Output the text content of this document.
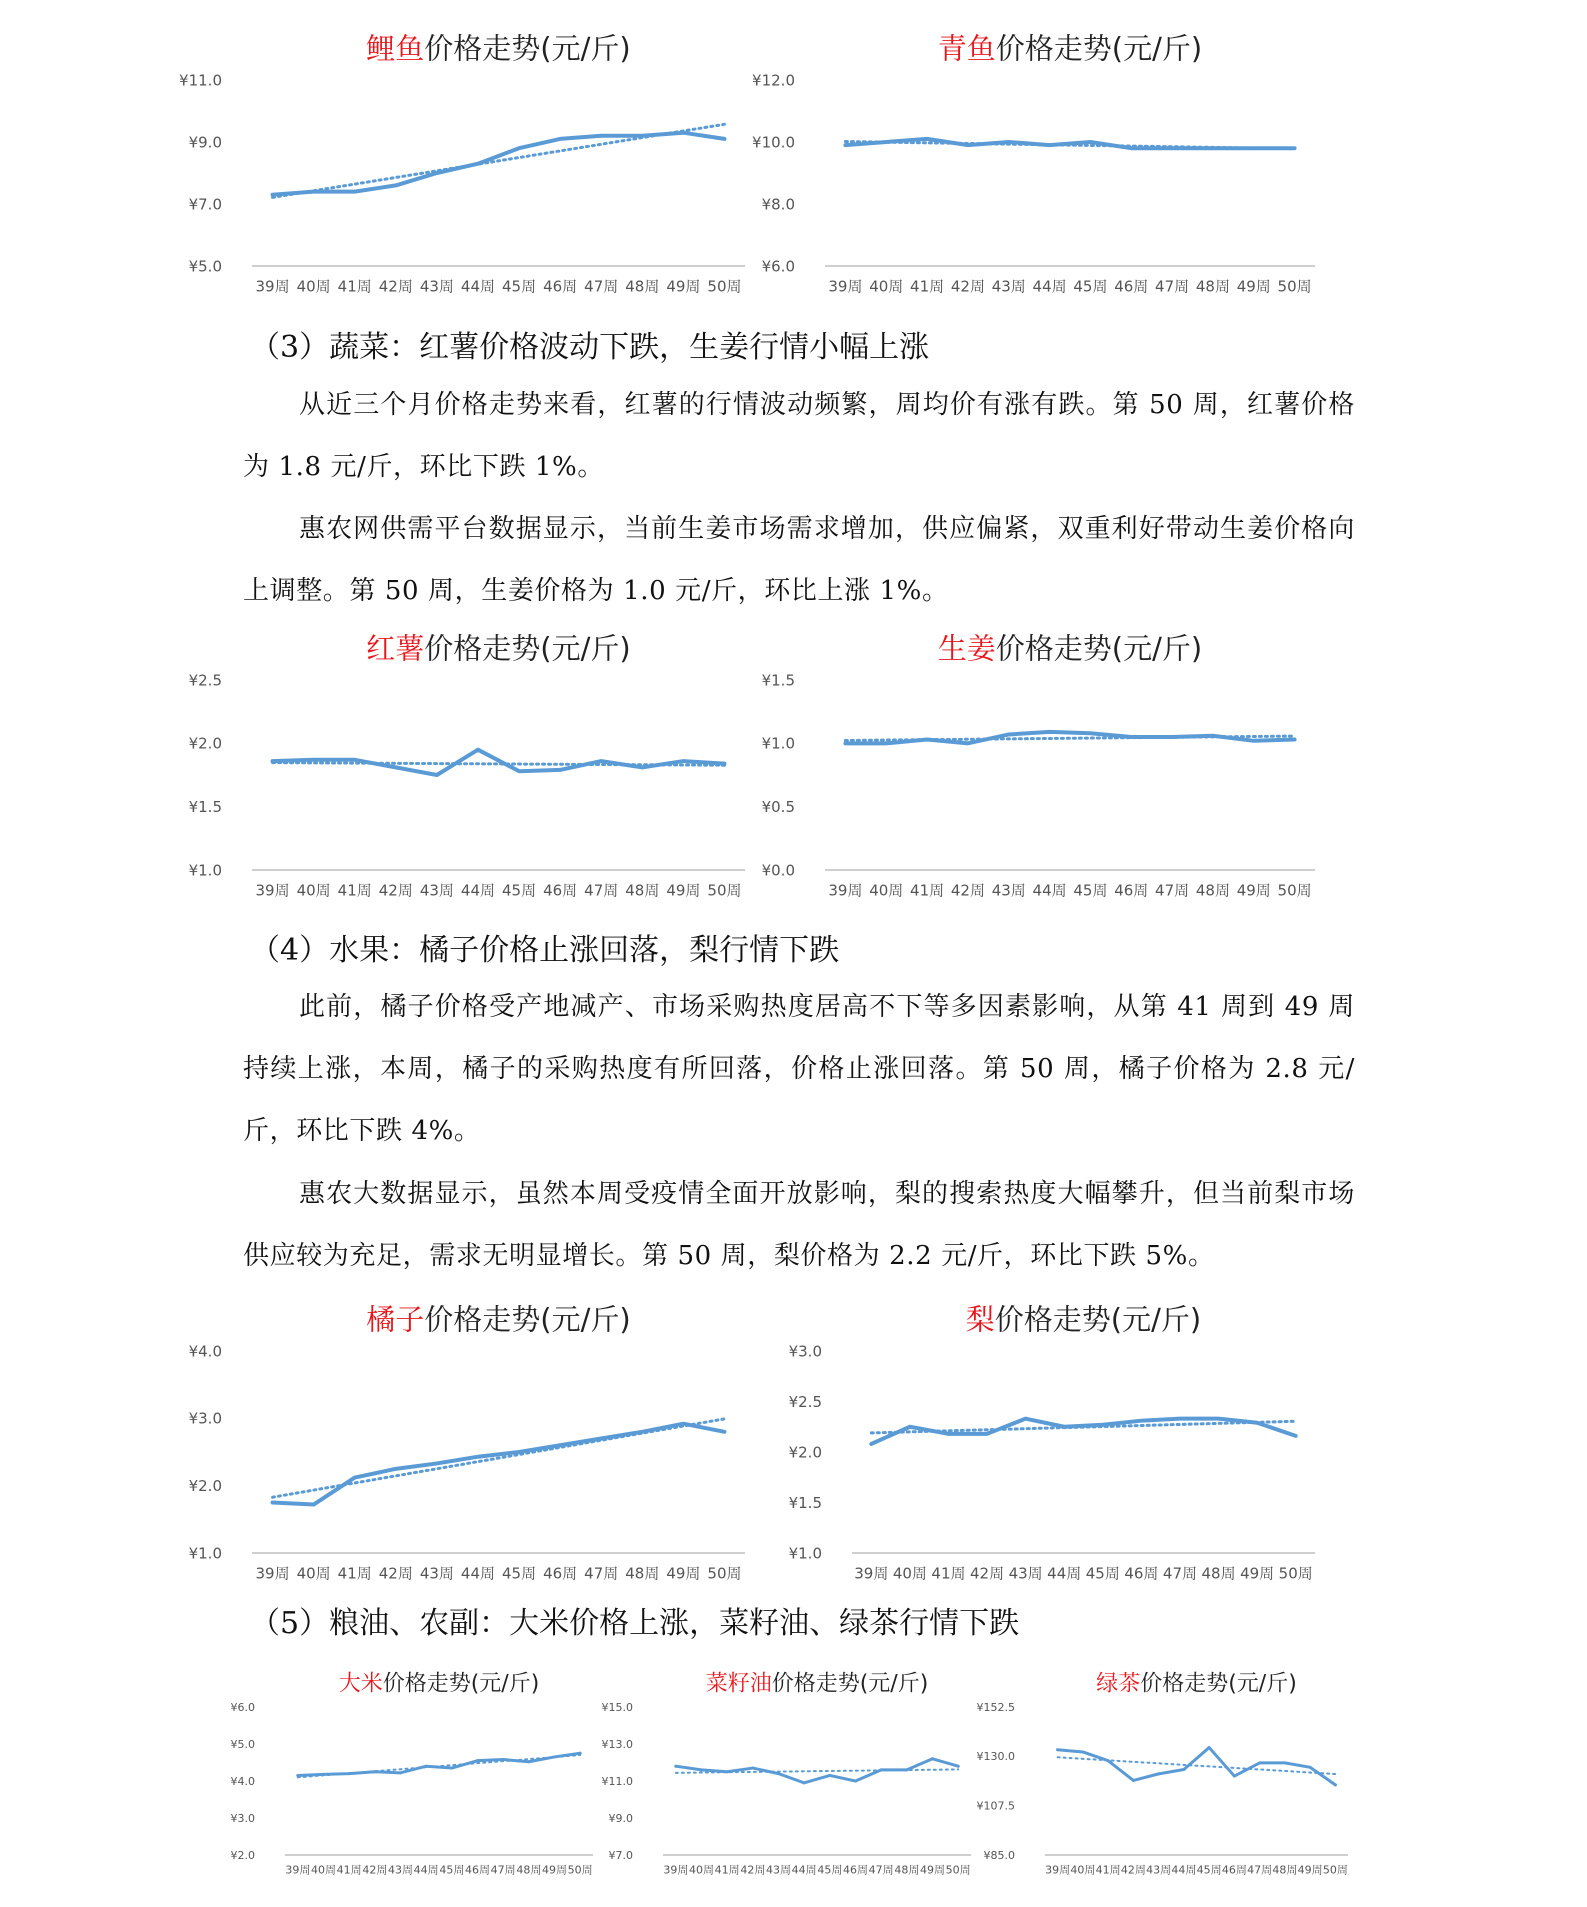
鲤鱼价格走势(元/斤)
¥5.0
¥7.0
¥9.0
¥11.0
39周 40周 41周 42周 43周 44周 45周 46周 47周 48周 49周 50周
青鱼价格走势(元/斤)
¥6.0
¥8.0
¥10.0
¥12.0
39周 40周 41周 42周 43周 44周 45周 46周 47周 48周 49周 50周
（3）蔬菜：红薯价格波动下跌，生姜行情小幅上涨

从近三个月价格走势来看，红薯的行情波动频繁，周均价有涨有跌。第 50 周，红薯价格为 1.8 元/斤，环比下跌 1%。

惠农网供需平台数据显示，当前生姜市场需求增加，供应偏紧，双重利好带动生姜价格向上调整。第 50 周，生姜价格为 1.0 元/斤，环比上涨 1%。

红薯价格走势(元/斤)
¥1.0
¥1.5
¥2.0
¥2.5
39周 40周 41周 42周 43周 44周 45周 46周 47周 48周 49周 50周
生姜价格走势(元/斤)
¥0.0
¥0.5
¥1.0
¥1.5
39周 40周 41周 42周 43周 44周 45周 46周 47周 48周 49周 50周
（4）水果：橘子价格止涨回落，梨行情下跌

此前，橘子价格受产地减产、市场采购热度居高不下等多因素影响，从第 41 周到 49 周持续上涨，本周，橘子的采购热度有所回落，价格止涨回落。第 50 周，橘子价格为 2.8 元/斤，环比下跌 4%。

惠农大数据显示，虽然本周受疫情全面开放影响，梨的搜索热度大幅攀升，但当前梨市场供应较为充足，需求无明显增长。第 50 周，梨价格为 2.2 元/斤，环比下跌 5%。

橘子价格走势(元/斤)
¥1.0
¥2.0
¥3.0
¥4.0
39周 40周 41周 42周 43周 44周 45周 46周 47周 48周 49周 50周
梨价格走势(元/斤)
¥1.0
¥1.5
¥2.0
¥2.5
¥3.0
39周 40周 41周 42周 43周 44周 45周 46周 47周 48周 49周 50周
（5）粮油、农副：大米价格上涨，菜籽油、绿茶行情下跌
大米价格走势(元/斤)
¥2.0
¥3.0
¥4.0
¥5.0
¥6.0
39周 40周 41周 42周 43周 44周 45周 46周 47周 48周 49周 50周
菜籽油价格走势(元/斤)
¥7.0
¥9.0
¥11.0
¥13.0
¥15.0
39周 40周 41周 42周 43周 44周 45周 46周 47周 48周 49周 50周
绿茶价格走势(元/斤)
¥85.0
¥107.5
¥130.0
¥152.5
39周 40周 41周 42周 43周 44周 45周 46周 47周 48周 49周 50周
